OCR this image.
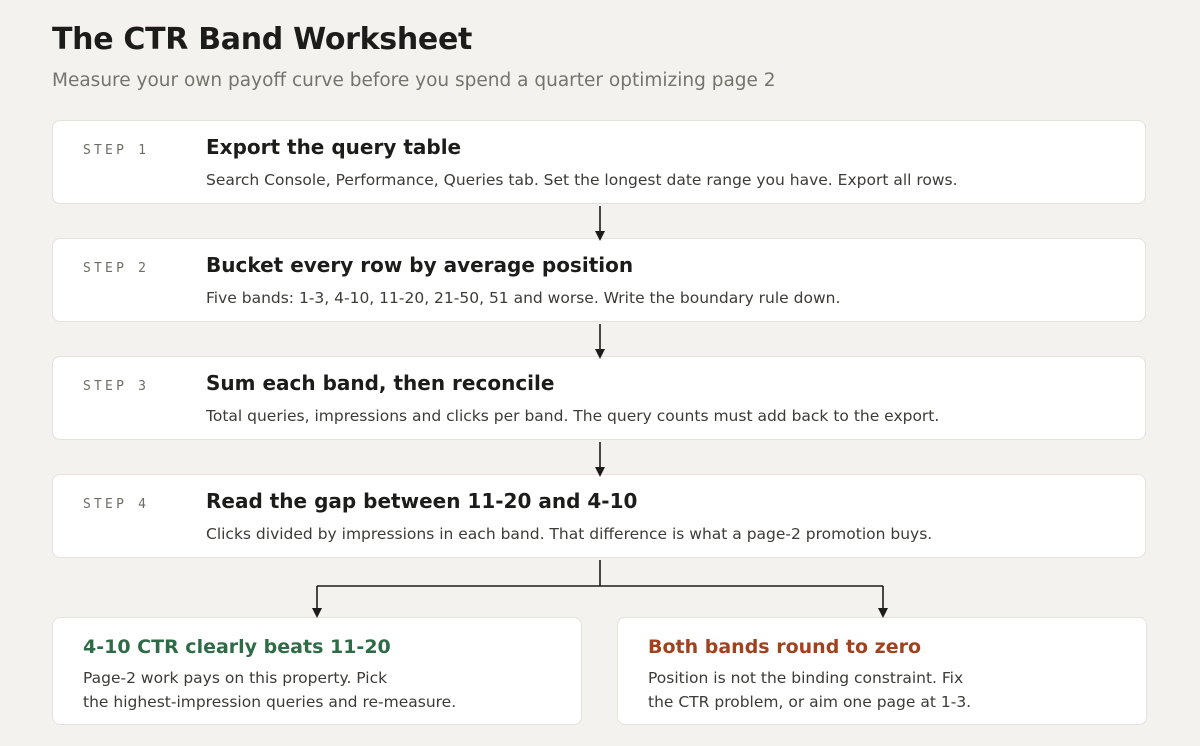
The CTR Band Worksheet
Measure your own payoff curve before you spend a quarter optimizing page 2
STEP 1	Export the query table
Search Console, Performance, Queries tab. Set the longest date range you have. Export all rows.
STEP 2	Bucket every row by average position
Five bands: 1-3, 4-10, 11-20, 21-50, 51 and worse. Write the boundary rule down.
STEP 3	Sum each band, then reconcile
Total queries, impressions and clicks per band. The query counts must add back to the export.
STEP 4	Read the gap between 11-20 and 4-10
Clicks divided by impressions in each band. That difference is what a page-2 promotion buys.
4-10 CTR clearly beats 11-20
Page-2 work pays on this property. Pick
the highest-impression queries and re-measure.
Both bands round to zero
Position is not the binding constraint. Fix
the CTR problem, or aim one page at 1-3.
